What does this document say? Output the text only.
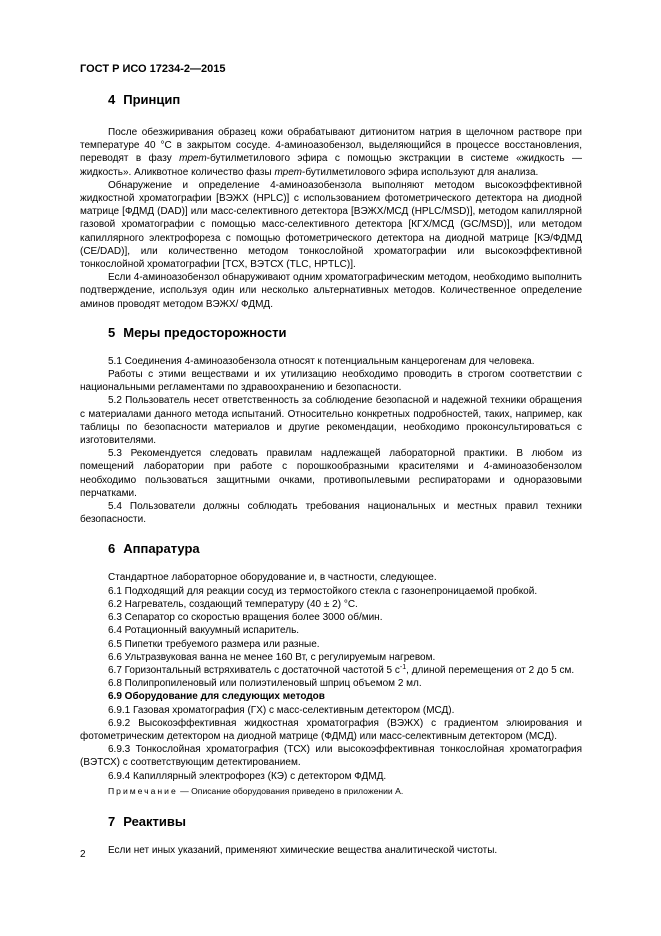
ГОСТ Р ИСО 17234-2—2015
4 Принцип

После обезжиривания образец кожи обрабатывают дитионитом натрия в щелочном растворе при температуре 40 °С в закрытом сосуде. 4-аминоазобензол, выделяющийся в процессе восстановления, переводят в фазу трет-бутилметилового эфира с помощью экстракции в системе «жидкость — жидкость». Аликвотное количество фазы трет-бутилметилового эфира используют для анализа.

Обнаружение и определение 4-аминоазобензола выполняют методом высокоэффективной жидкостной хроматографии [ВЭЖХ (HPLC)] с использованием фотометрического детектора на диодной матрице [ФДМД (DAD)] или масс-селективного детектора [ВЭЖХ/МСД (HPLC/MSD)], методом капиллярной газовой хроматографии с помощью масс-селективного детектора [КГХ/МСД (GC/MSD)], или методом капиллярного электрофореза с помощью фотометрического детектора на диодной матрице [КЭ/ФДМД (CE/DAD)], или количественно методом тонкослойной хроматографии или высокоэффективной тонкослойной хроматографии [ТСХ, ВЭТСХ (TLC, HPTLC)].

Если 4-аминоазобензол обнаруживают одним хроматографическим методом, необходимо выполнить подтверждение, используя один или несколько альтернативных методов. Количественное определение аминов проводят методом ВЭЖХ/ ФДМД.

5 Меры предосторожности

5.1 Соединения 4-аминоазобензола относят к потенциальным канцерогенам для человека.

Работы с этими веществами и их утилизацию необходимо проводить в строгом соответствии с национальными регламентами по здравоохранению и безопасности.

5.2 Пользователь несет ответственность за соблюдение безопасной и надежной техники обращения с материалами данного метода испытаний. Относительно конкретных подробностей, таких, например, как таблицы по безопасности материалов и другие рекомендации, необходимо проконсультироваться с изготовителями.

5.3 Рекомендуется следовать правилам надлежащей лабораторной практики. В любом из помещений лаборатории при работе с порошкообразными красителями и 4-аминоазобензолом необходимо пользоваться защитными очками, противопылевыми респираторами и одноразовыми перчатками.

5.4 Пользователи должны соблюдать требования национальных и местных правил техники безопасности.

6 Аппаратура

Стандартное лабораторное оборудование и, в частности, следующее.

6.1 Подходящий для реакции сосуд из термостойкого стекла с газонепроницаемой пробкой.

6.2 Нагреватель, создающий температуру (40 ± 2) °С.

6.3 Сепаратор со скоростью вращения более 3000 об/мин.

6.4 Ротационный вакуумный испаритель.

6.5 Пипетки требуемого размера или разные.

6.6 Ультразвуковая ванна не менее 160 Вт, с регулируемым нагревом.

6.7 Горизонтальный встряхиватель с достаточной частотой 5 $с^{-1}$, длиной перемещения от 2 до 5 см.

6.8 Полипропиленовый или полиэтиленовый шприц объемом 2 мл.

6.9 Оборудование для следующих методов

6.9.1 Газовая хроматография (ГХ) с масс-селективным детектором (МСД).

6.9.2 Высокоэффективная жидкостная хроматография (ВЭЖХ) с градиентом элюирования и фотометрическим детектором на диодной матрице (ФДМД) или масс-селективным детектором (МСД).

6.9.3 Тонкослойная хроматография (ТСХ) или высокоэффективная тонкослойная хроматография (ВЭТСХ) с соответствующим детектированием.

6.9.4 Капиллярный электрофорез (КЭ) с детектором ФДМД.

Примечание — Описание оборудования приведено в приложении А.

7 Реактивы

Если нет иных указаний, применяют химические вещества аналитической чистоты.

2
